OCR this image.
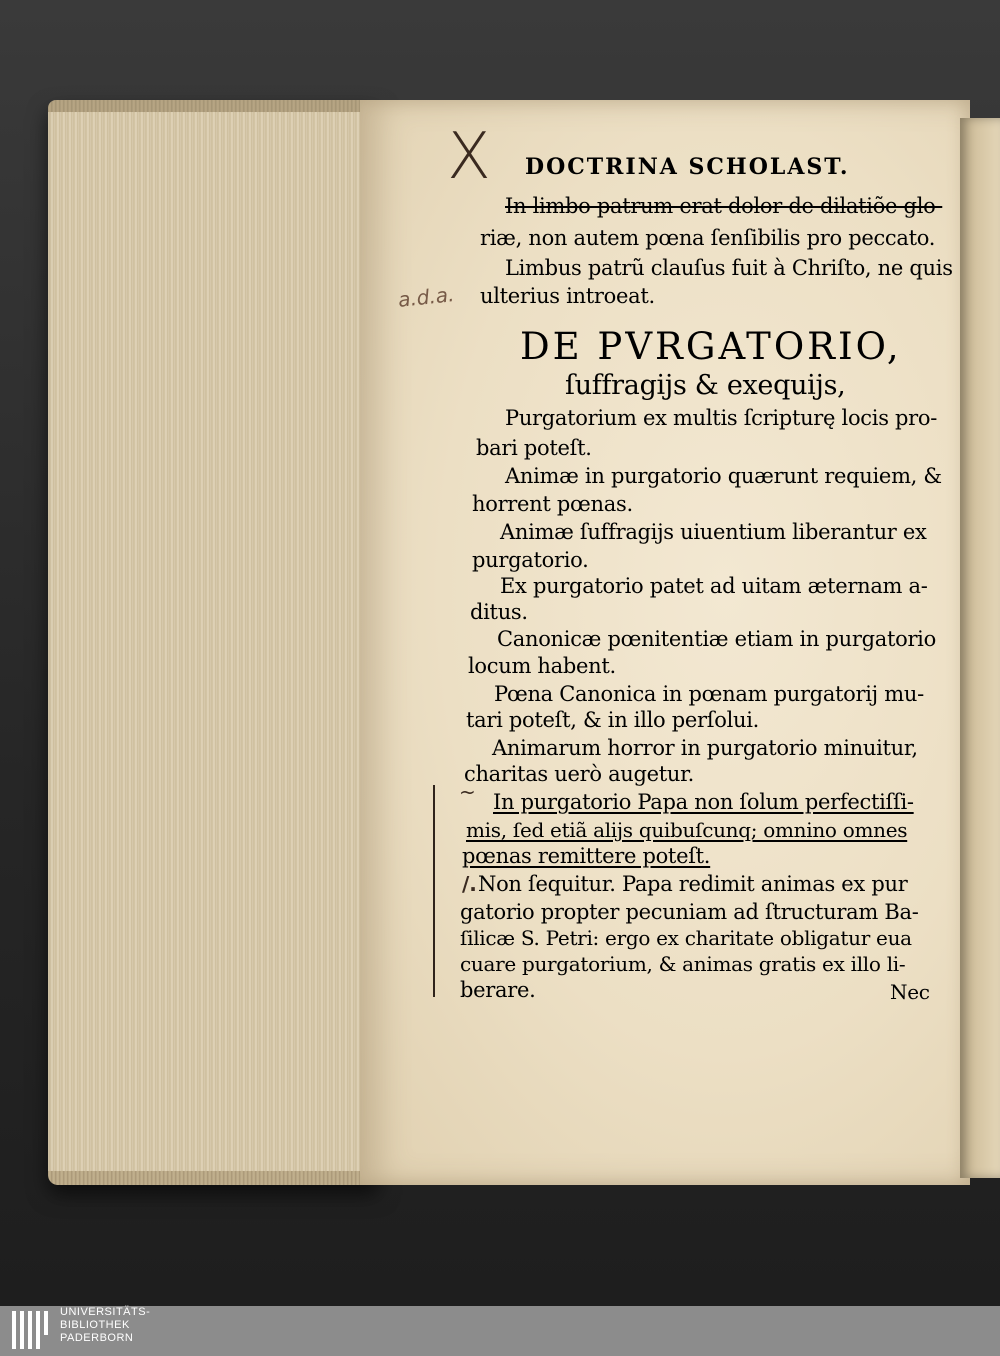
X
a.d.a.
~
DOCTRINA SCHOLAST.
In limbo patrum erat dolor de dilatiõe glo-
riæ, non autem pœna ſenſibilis pro peccato.
Limbus patrũ clauſus fuit à Chriſto, ne quis
ulterius introeat.
DE PVRGATORIO,
ſuffragijs & exequijs,
Purgatorium ex multis ſcripturę locis pro-
bari poteſt.
Animæ in purgatorio quærunt requiem, &
horrent pœnas.
Animæ ſuffragijs uiuentium liberantur ex
purgatorio.
Ex purgatorio patet ad uitam æternam a-
ditus.
Canonicæ pœnitentiæ etiam in purgatorio
locum habent.
Pœna Canonica in pœnam purgatorij mu-
tari poteſt, & in illo perſolui.
Animarum horror in purgatorio minuitur,
charitas uerò augetur.
In purgatorio Papa non ſolum perfectiſſi-
mis, ſed etiã alijs quibuſcunq; omnino omnes
pœnas remittere poteſt.
/. Non ſequitur. Papa redimit animas ex pur
gatorio propter pecuniam ad ſtructuram Ba-
ſilicæ S. Petri: ergo ex charitate obligatur eua
cuare purgatorium, & animas gratis ex illo li-
berare.	Nec
UNIVERSITÄTS-
BIBLIOTHEK
PADERBORN
